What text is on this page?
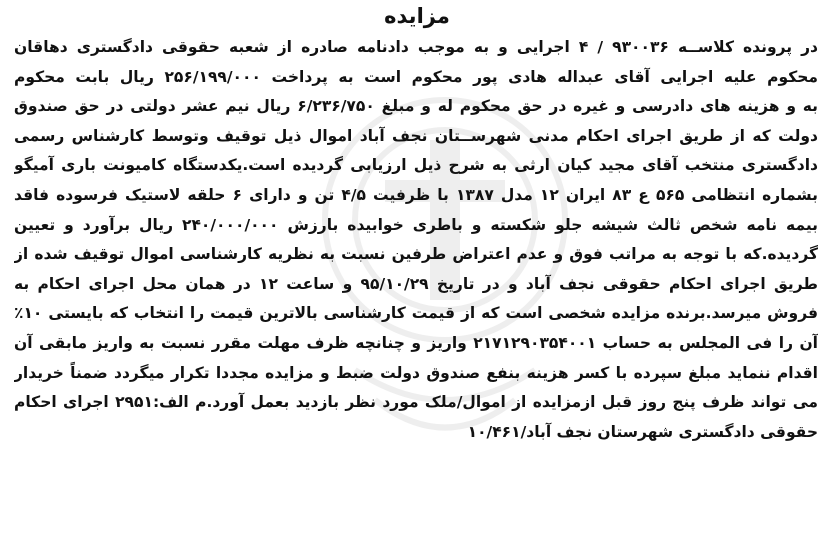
مزایده
در پرونده کلاســه ۹۳۰۰۳۶ / ۴ اجرایی و به موجب دادنامه صادره از شعبه حقوقی دادگستری دهاقان
محکوم علیه اجرایی آقای عبداله هادی پور محکوم است به پرداخت ۲۵۶/۱۹۹/۰۰۰ ریال بابت محکوم
به و هزینه های دادرسی و غیره در حق محکوم له و مبلغ ۶/۲۳۶/۷۵۰ ریال نیم عشر دولتی در حق صندوق
دولت که از طریق اجرای احکام مدنی شهرســتان نجف آباد اموال ذیل توقیف وتوسط کارشناس رسمی
دادگستری منتخب آقای مجید کیان ارثی به شرح ذیل ارزیابی گردیده است.یکدستگاه کامیونت باری آمیگو
بشماره انتظامی ۵۶۵ ع ۸۳ ایران ۱۲ مدل ۱۳۸۷ با ظرفیت ۴/۵ تن و دارای ۶ حلقه لاستیک فرسوده فاقد
بیمه نامه شخص ثالث شیشه جلو شکسته و باطری خوابیده بارزش ۲۴۰/۰۰۰/۰۰۰ ریال برآورد و تعیین
گردیده.که با توجه به مراتب فوق و عدم اعتراض طرفین نسبت به نظریه کارشناسی اموال توقیف شده از
طریق اجرای احکام حقوقی نجف آباد و در تاریخ ۹۵/۱۰/۲۹ و ساعت ۱۲ در همان محل اجرای احکام به
فروش میرسد.برنده مزایده شخصی است که از قیمت کارشناسی بالاترین قیمت را انتخاب که بایستی ۱۰٪
آن را فی المجلس به حساب ۲۱۷۱۲۹۰۳۵۴۰۰۱ واریز و چنانچه ظرف مهلت مقرر نسبت به واریز مابقی آن
اقدام ننماید مبلغ سپرده با کسر هزینه بنفع صندوق دولت ضبط و مزایده مجددا تکرار میگردد ضمناً خریدار
می تواند ظرف پنج روز قبل ازمزایده از اموال/ملک مورد نظر بازدید بعمل آورد.م الف:۲۹۵۱ اجرای احکام
حقوقی دادگستری شهرستان نجف آباد/۱۰/۴۶۱
